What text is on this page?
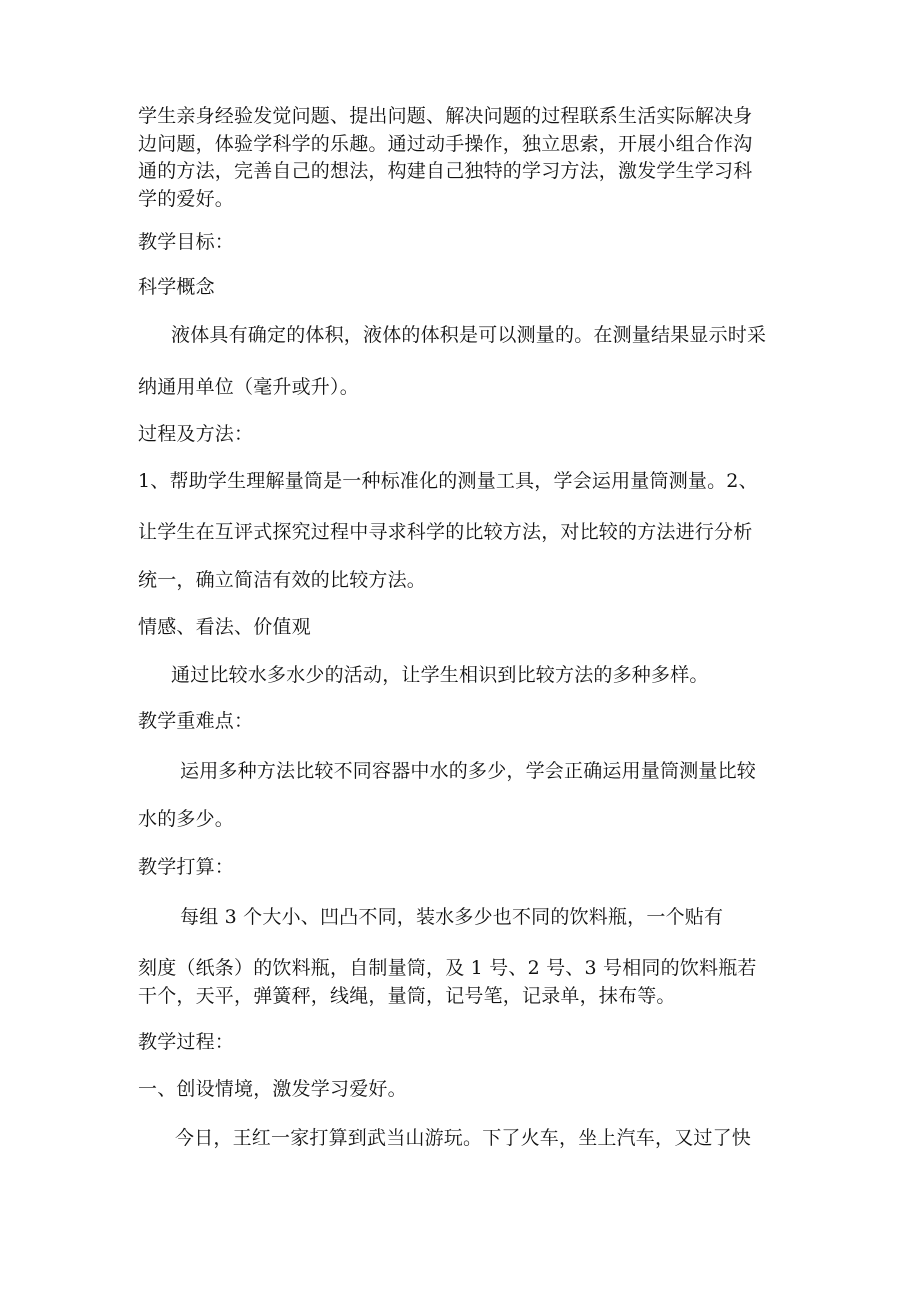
学生亲身经验发觉问题、提出问题、解决问题的过程联系生活实际解决身
边问题，体验学科学的乐趣。通过动手操作，独立思索，开展小组合作沟
通的方法，完善自己的想法，构建自己独特的学习方法，激发学生学习科
学的爱好。
教学目标：
科学概念
液体具有确定的体积，液体的体积是可以测量的。在测量结果显示时采
纳通用单位（毫升或升）。
过程及方法：
1、帮助学生理解量筒是一种标准化的测量工具，学会运用量筒测量。2、
让学生在互评式探究过程中寻求科学的比较方法，对比较的方法进行分析
统一，确立简洁有效的比较方法。
情感、看法、价值观
通过比较水多水少的活动，让学生相识到比较方法的多种多样。
教学重难点：
运用多种方法比较不同容器中水的多少，学会正确运用量筒测量比较
水的多少。
教学打算：
每组 3 个大小、凹凸不同，装水多少也不同的饮料瓶，一个贴有
刻度（纸条）的饮料瓶，自制量筒，及 1 号、2 号、3 号相同的饮料瓶若
干个，天平，弹簧秤，线绳，量筒，记号笔，记录单，抹布等。
教学过程：
一、创设情境，激发学习爱好。
今日，王红一家打算到武当山游玩。下了火车，坐上汽车，又过了快
